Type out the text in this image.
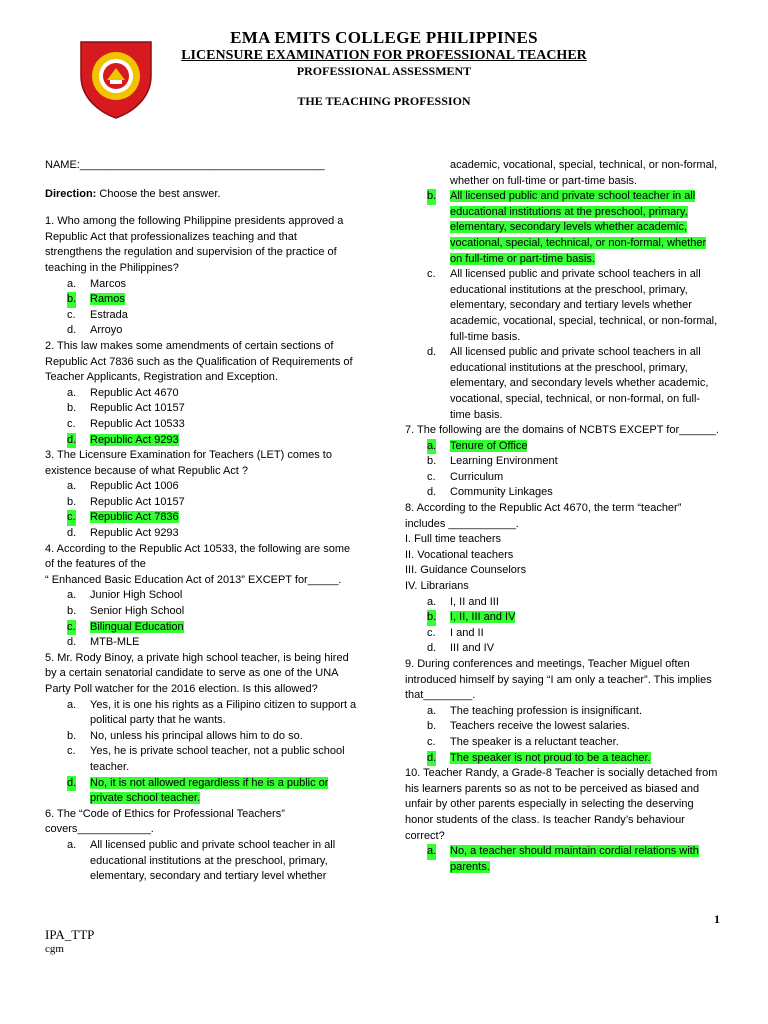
EMA EMITS COLLEGE PHILIPPINES
LICENSURE EXAMINATION FOR PROFESSIONAL TEACHER
PROFESSIONAL ASSESSMENT
THE TEACHING PROFESSION

NAME:________________________________________

Direction: Choose the best answer.

1. Who among the following Philippine presidents approved a Republic Act that professionalizes teaching and that strengthens the regulation and supervision of the practice of teaching in the Philippines?

a. Marcos
b. Ramos
c. Estrada
d. Arroyo

2. This law makes some amendments of certain sections of Republic Act 7836 such as the Qualification of Requirements of Teacher Applicants, Registration and Exception.

a. Republic Act 4670
b. Republic Act 10157
c. Republic Act 10533
d. Republic Act 9293

3. The Licensure Examination for Teachers (LET) comes to existence because of what Republic Act ?

a. Republic Act 1006
b. Republic Act 10157
c. Republic Act 7836
d. Republic Act 9293

4. According to the Republic Act 10533, the following are some of the features of the

“ Enhanced Basic Education Act of 2013” EXCEPT for_____.

a. Junior High School
b. Senior High School
c. Bilingual Education
d. MTB-MLE

5. Mr. Rody Binoy, a private high school teacher, is being hired by a certain senatorial candidate to serve as one of the UNA Party Poll watcher for the 2016 election. Is this allowed?

a. Yes, it is one his rights as a Filipino citizen to support a political party that he wants.
b. No, unless his principal allows him to do so.
c. Yes, he is private school teacher, not a public school teacher.
d. No, it is not allowed regardless if he is a public or private school teacher.

6. The “Code of Ethics for Professional Teachers” covers____________.

a. All licensed public and private school teacher in all educational institutions at the preschool, primary, elementary, secondary and tertiary level whether
academic, vocational, special, technical, or non-formal, whether on full-time or part-time basis.
b. All licensed public and private school teacher in all educational institutions at the preschool, primary, elementary, secondary levels whether academic, vocational, special, technical, or non-formal, whether on full-time or part-time basis.
c. All licensed public and private school teachers in all educational institutions at the preschool, primary, elementary, secondary and tertiary levels whether academic, vocational, special, technical, or non-formal, full-time basis.
d. All licensed public and private school teachers in all educational institutions at the preschool, primary, elementary, and secondary levels whether academic, vocational, special, technical, or non-formal, on full-time basis.

7. The following are the domains of NCBTS EXCEPT for______.

a. Tenure of Office
b. Learning Environment
c. Curriculum
d. Community Linkages

8. According to the Republic Act 4670, the term “teacher” includes ___________.

I. Full time teachers

II. Vocational teachers

III. Guidance Counselors

IV. Librarians

a. I, II and III
b. I, II, III and IV
c. I and II
d. III and IV

9. During conferences and meetings, Teacher Miguel often introduced himself by saying “I am only a teacher”. This implies that________.

a. The teaching profession is insignificant.
b. Teachers receive the lowest salaries.
c. The speaker is a reluctant teacher.
d. The speaker is not proud to be a teacher.

10. Teacher Randy, a Grade-8 Teacher is socially detached from his learners parents so as not to be perceived as biased and unfair by other parents especially in selecting the deserving honor students of the class. Is teacher Randy’s behaviour correct?

a. No, a teacher should maintain cordial relations with parents.
1
IPA_TTP
cgm
